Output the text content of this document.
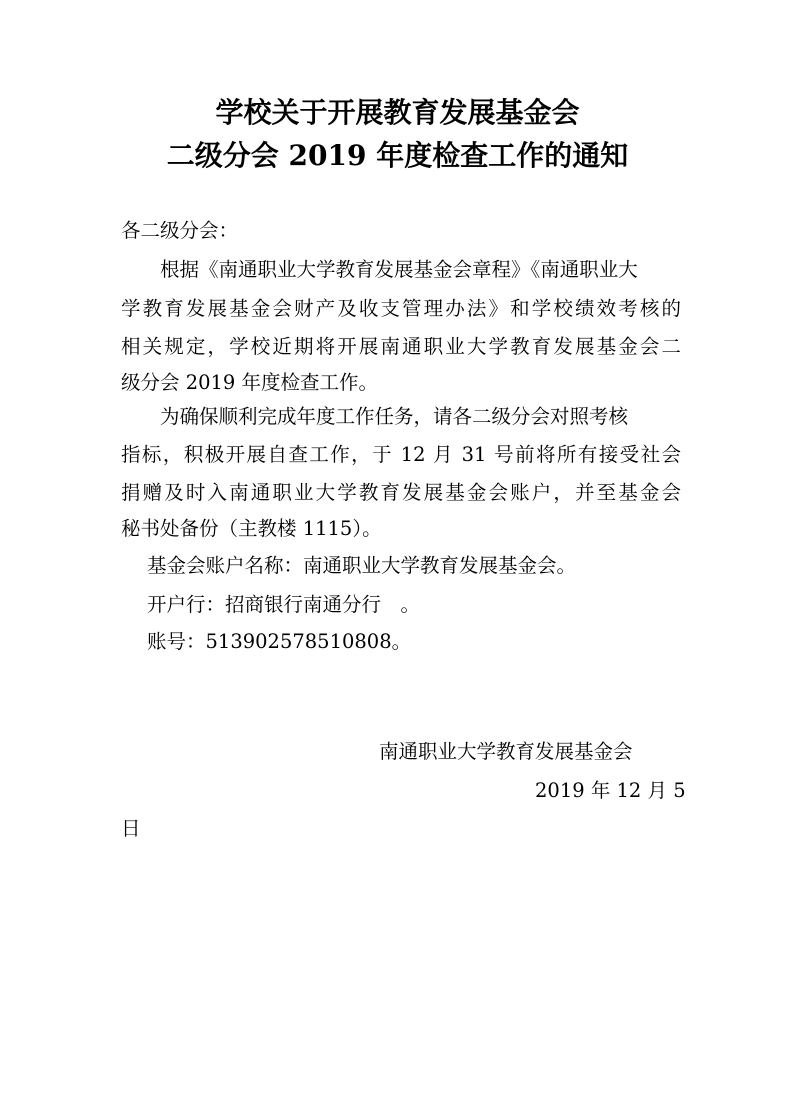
学校关于开展教育发展基金会
二级分会 2019 年度检查工作的通知
各二级分会：
根据《南通职业大学教育发展基金会章程》《南通职业大
学教育发展基金会财产及收支管理办法》和学校绩效考核的
相关规定，学校近期将开展南通职业大学教育发展基金会二
级分会 2019 年度检查工作。
为确保顺利完成年度工作任务，请各二级分会对照考核
指标，积极开展自查工作，于 12 月 31 号前将所有接受社会
捐赠及时入南通职业大学教育发展基金会账户，并至基金会
秘书处备份（主教楼 1115）。
基金会账户名称：南通职业大学教育发展基金会。
开户行：招商银行南通分行　。
账号：513902578510808。
南通职业大学教育发展基金会
2019 年 12 月 5
日
